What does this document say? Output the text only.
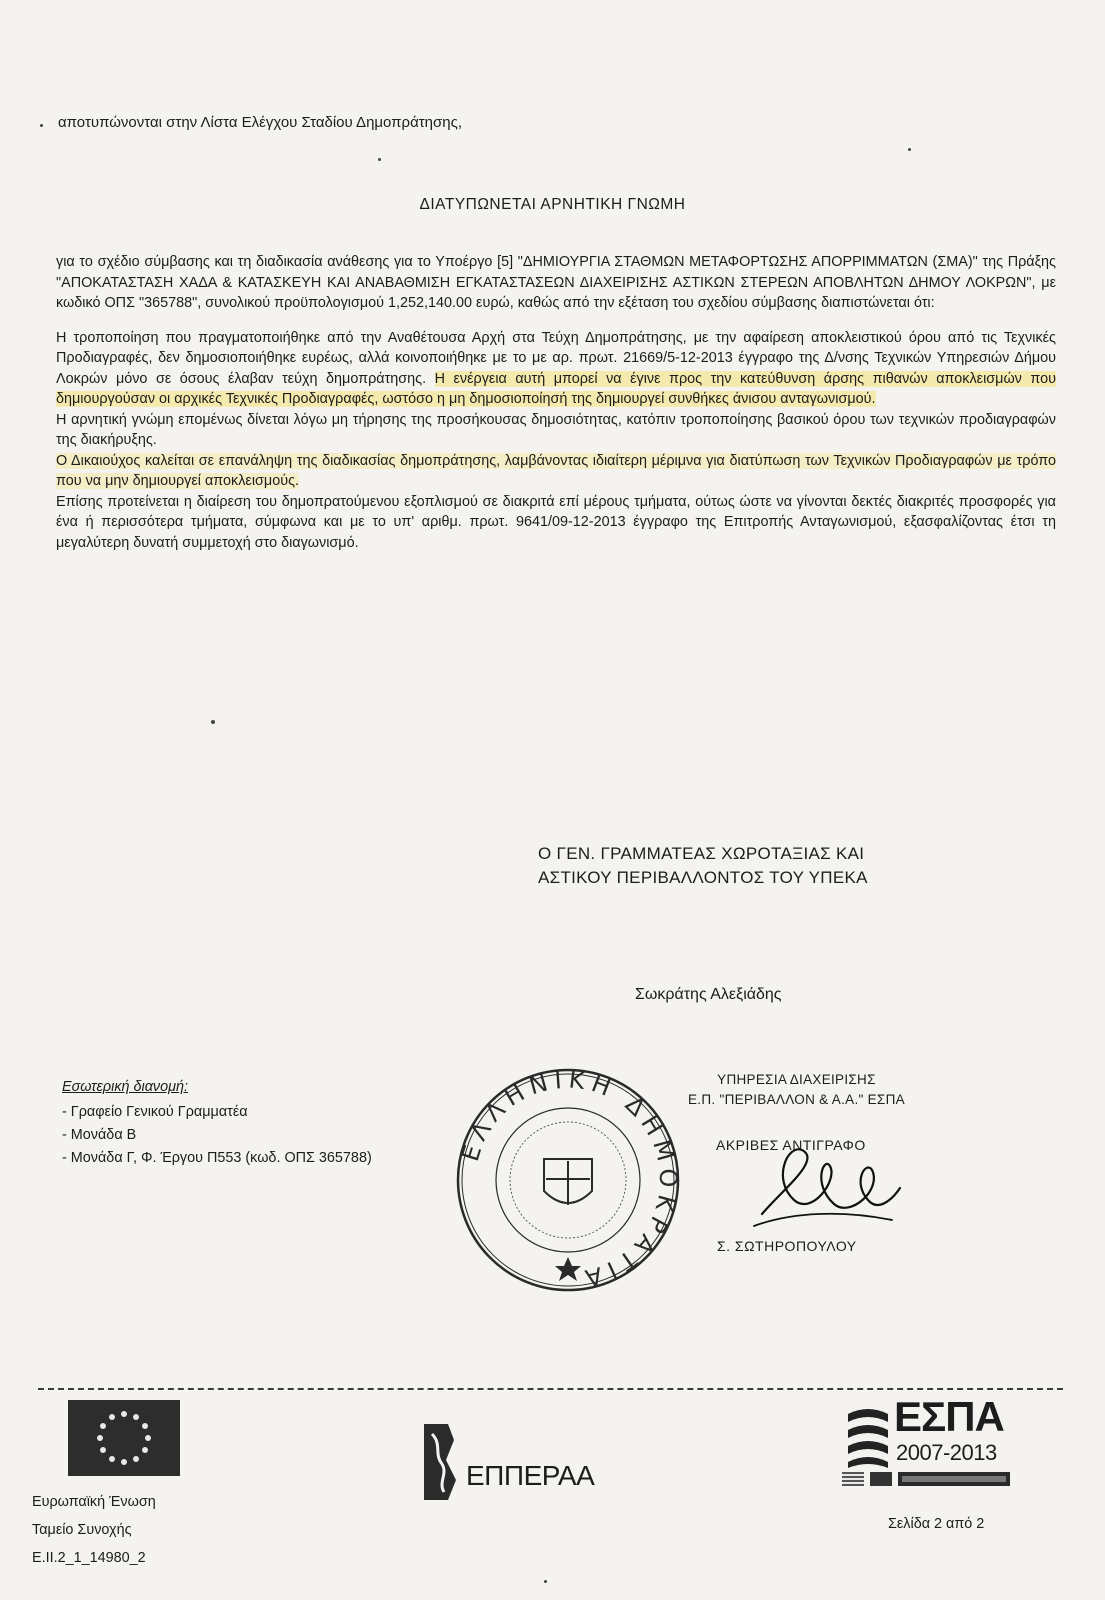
αποτυπώνονται στην Λίστα Ελέγχου Σταδίου Δημοπράτησης,
ΔΙΑΤΥΠΩΝΕΤΑΙ ΑΡΝΗΤΙΚΗ ΓΝΩΜΗ

για το σχέδιο σύμβασης και τη διαδικασία ανάθεσης για το Υποέργο [5] "ΔΗΜΙΟΥΡΓΙΑ ΣΤΑΘΜΩΝ ΜΕΤΑΦΟΡΤΩΣΗΣ ΑΠΟΡΡΙΜΜΑΤΩΝ (ΣΜΑ)" της Πράξης "ΑΠΟΚΑΤΑΣΤΑΣΗ ΧΑΔΑ & ΚΑΤΑΣΚΕΥΗ ΚΑΙ ΑΝΑΒΑΘΜΙΣΗ ΕΓΚΑΤΑΣΤΑΣΕΩΝ ΔΙΑΧΕΙΡΙΣΗΣ ΑΣΤΙΚΩΝ ΣΤΕΡΕΩΝ ΑΠΟΒΛΗΤΩΝ ΔΗΜΟΥ ΛΟΚΡΩΝ", με κωδικό ΟΠΣ "365788", συνολικού προϋπολογισμού 1,252,140.00 ευρώ, καθώς από την εξέταση του σχεδίου σύμβασης διαπιστώνεται ότι:

Η τροποποίηση που πραγματοποιήθηκε από την Αναθέτουσα Αρχή στα Τεύχη Δημοπράτησης, με την αφαίρεση αποκλειστικού όρου από τις Τεχνικές Προδιαγραφές, δεν δημοσιοποιήθηκε ευρέως, αλλά κοινοποιήθηκε με το με αρ. πρωτ. 21669/5-12-2013 έγγραφο της Δ/νσης Τεχνικών Υπηρεσιών Δήμου Λοκρών μόνο σε όσους έλαβαν τεύχη δημοπράτησης. Η ενέργεια αυτή μπορεί να έγινε προς την κατεύθυνση άρσης πιθανών αποκλεισμών που δημιουργούσαν οι αρχικές Τεχνικές Προδιαγραφές, ωστόσο η μη δημοσιοποίησή της δημιουργεί συνθήκες άνισου ανταγωνισμού.

Η αρνητική γνώμη επομένως δίνεται λόγω μη τήρησης της προσήκουσας δημοσιότητας, κατόπιν τροποποίησης βασικού όρου των τεχνικών προδιαγραφών της διακήρυξης.

Ο Δικαιούχος καλείται σε επανάληψη της διαδικασίας δημοπράτησης, λαμβάνοντας ιδιαίτερη μέριμνα για διατύπωση των Τεχνικών Προδιαγραφών με τρόπο που να μην δημιουργεί αποκλεισμούς.

Επίσης προτείνεται η διαίρεση του δημοπρατούμενου εξοπλισμού σε διακριτά επί μέρους τμήματα, ούτως ώστε να γίνονται δεκτές διακριτές προσφορές για ένα ή περισσότερα τμήματα, σύμφωνα και με το υπ' αριθμ. πρωτ. 9641/09-12-2013 έγγραφο της Επιτροπής Ανταγωνισμού, εξασφαλίζοντας έτσι τη μεγαλύτερη δυνατή συμμετοχή στο διαγωνισμό.

Ο ΓΕΝ. ΓΡΑΜΜΑΤΕΑΣ ΧΩΡΟΤΑΞΙΑΣ ΚΑΙ
ΑΣΤΙΚΟΥ ΠΕΡΙΒΑΛΛΟΝΤΟΣ ΤΟΥ ΥΠΕΚΑ
Σωκράτης Αλεξιάδης
Εσωτερική διανομή:
- Γραφείο Γενικού Γραμματέα
- Μονάδα Β
- Μονάδα Γ, Φ. Έργου Π553 (κωδ. ΟΠΣ 365788)	ΕΛΛΗΝΙΚΗ ΔΗΜΟΚΡΑΤΙΑ
ΥΠΗΡΕΣΙΑ ΔΙΑΧΕΙΡΙΣΗΣ
Ε.Π. "ΠΕΡΙΒΑΛΛΟΝ & Α.Α." ΕΣΠΑ
ΑΚΡΙΒΕΣ ΑΝΤΙΓΡΑΦΟ
Σ. ΣΩΤΗΡΟΠΟΥΛΟΥ
Ευρωπαϊκή Ένωση
Ταμείο Συνοχής
Ε.ΙΙ.2_1_14980_2
ΕΠΠΕΡΑΑ
ΕΣΠΑ
2007-2013
Σελίδα 2 από 2
